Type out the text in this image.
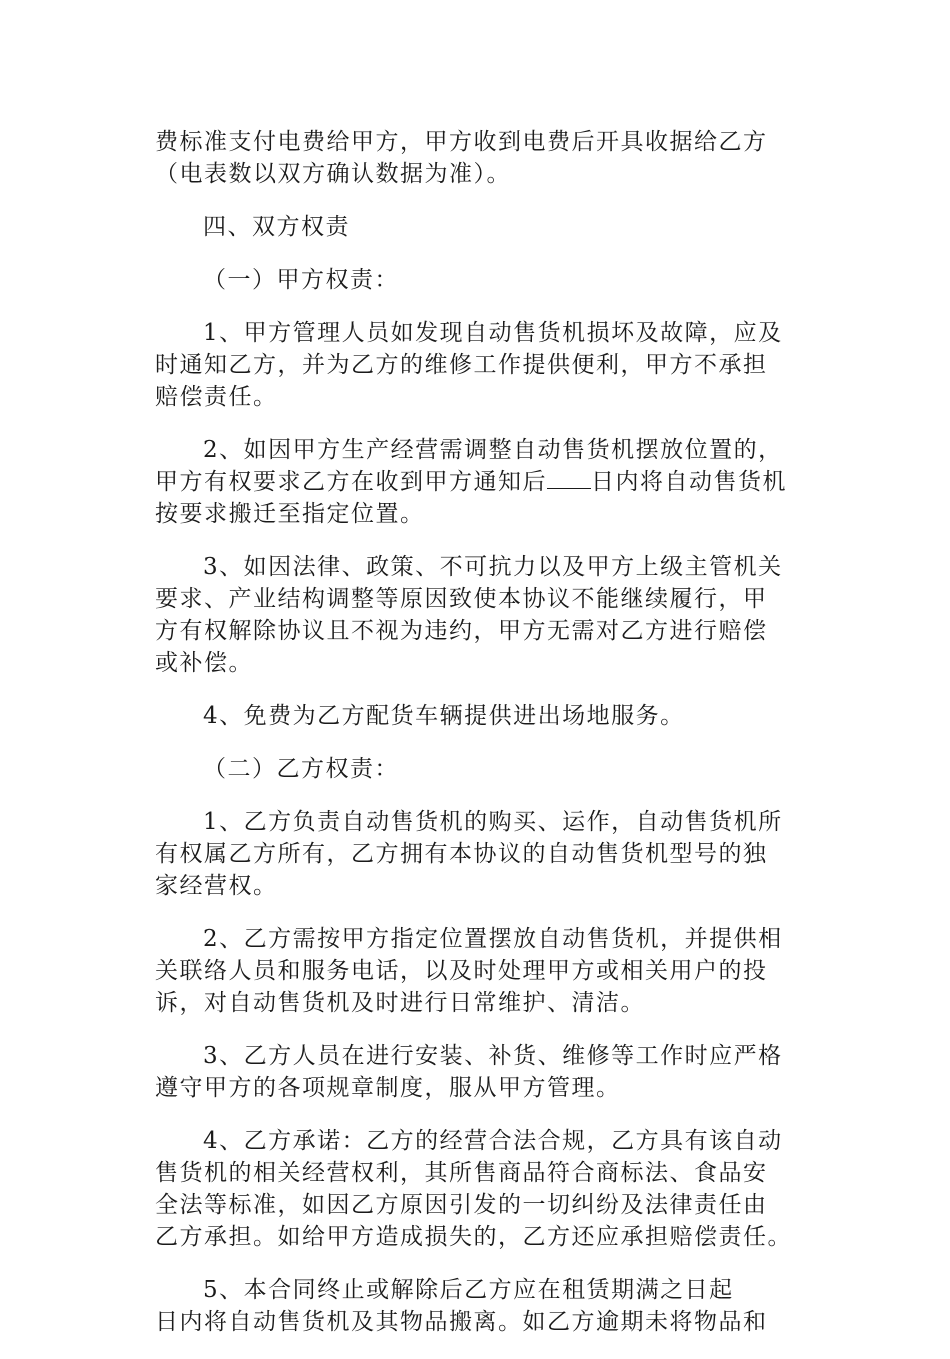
费标准支付电费给甲方，甲方收到电费后开具收据给乙方
（电表数以双方确认数据为准）。
四、双方权责
（一）甲方权责：
1、甲方管理人员如发现自动售货机损坏及故障，应及
时通知乙方，并为乙方的维修工作提供便利，甲方不承担
赔偿责任。
2、如因甲方生产经营需调整自动售货机摆放位置的，
甲方有权要求乙方在收到甲方通知后 日内将自动售货机
按要求搬迁至指定位置。
3、如因法律、政策、不可抗力以及甲方上级主管机关
要求、产业结构调整等原因致使本协议不能继续履行，甲
方有权解除协议且不视为违约，甲方无需对乙方进行赔偿
或补偿。
4、免费为乙方配货车辆提供进出场地服务。
（二）乙方权责：
1、乙方负责自动售货机的购买、运作，自动售货机所
有权属乙方所有，乙方拥有本协议的自动售货机型号的独
家经营权。
2、乙方需按甲方指定位置摆放自动售货机，并提供相
关联络人员和服务电话，以及时处理甲方或相关用户的投
诉，对自动售货机及时进行日常维护、清洁。
3、乙方人员在进行安装、补货、维修等工作时应严格
遵守甲方的各项规章制度，服从甲方管理。
4、乙方承诺：乙方的经营合法合规，乙方具有该自动
售货机的相关经营权利，其所售商品符合商标法、食品安
全法等标准，如因乙方原因引发的一切纠纷及法律责任由
乙方承担。如给甲方造成损失的，乙方还应承担赔偿责任。
5、本合同终止或解除后乙方应在租赁期满之日起
日内将自动售货机及其物品搬离。如乙方逾期未将物品和
